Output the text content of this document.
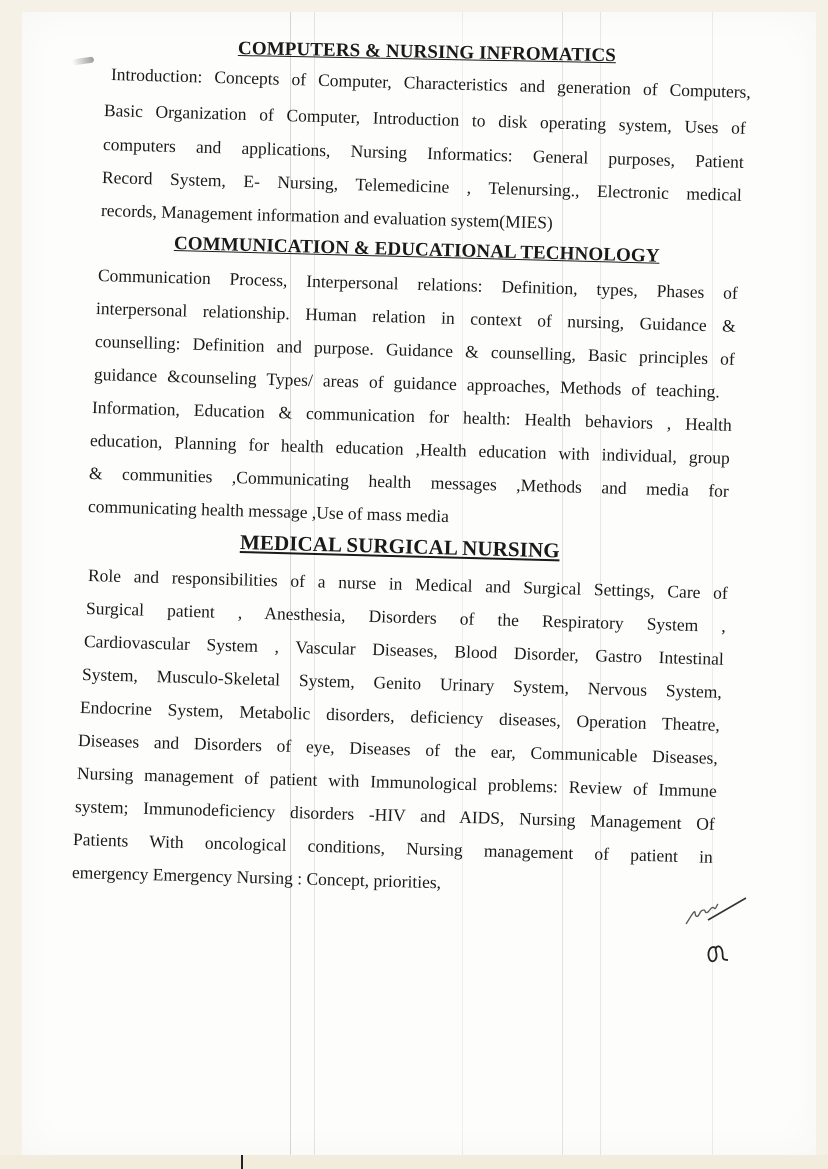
COMPUTERS & NURSING INFROMATICS
Introduction: Concepts of Computer, Characteristics and generation of Computers,
Basic Organization of Computer, Introduction to disk operating system, Uses of
computers and applications, Nursing Informatics: General purposes, Patient
Record System, E- Nursing, Telemedicine , Telenursing., Electronic medical
records, Management information and evaluation system(MIES)
COMMUNICATION & EDUCATIONAL TECHNOLOGY
Communication Process, Interpersonal relations: Definition, types, Phases of
interpersonal relationship. Human relation in context of nursing, Guidance &
counselling: Definition and purpose. Guidance & counselling, Basic principles of
guidance &counseling Types/ areas of guidance approaches, Methods of teaching.
Information, Education & communication for health: Health behaviors , Health
education, Planning for health education ,Health education with individual, group
& communities ,Communicating health messages ,Methods and media for
communicating health message ,Use of mass media
MEDICAL SURGICAL NURSING
Role and responsibilities of a nurse in Medical and Surgical Settings, Care of
Surgical patient , Anesthesia, Disorders of the Respiratory System ,
Cardiovascular System , Vascular Diseases, Blood Disorder, Gastro Intestinal
System, Musculo-Skeletal System, Genito Urinary System, Nervous System,
Endocrine System, Metabolic disorders, deficiency diseases, Operation Theatre,
Diseases and Disorders of eye, Diseases of the ear, Communicable Diseases,
Nursing management of patient with Immunological problems: Review of Immune
system; Immunodeficiency disorders -HIV and AIDS, Nursing Management Of
Patients With oncological conditions, Nursing management of patient in
emergency Emergency Nursing : Concept, priorities,
